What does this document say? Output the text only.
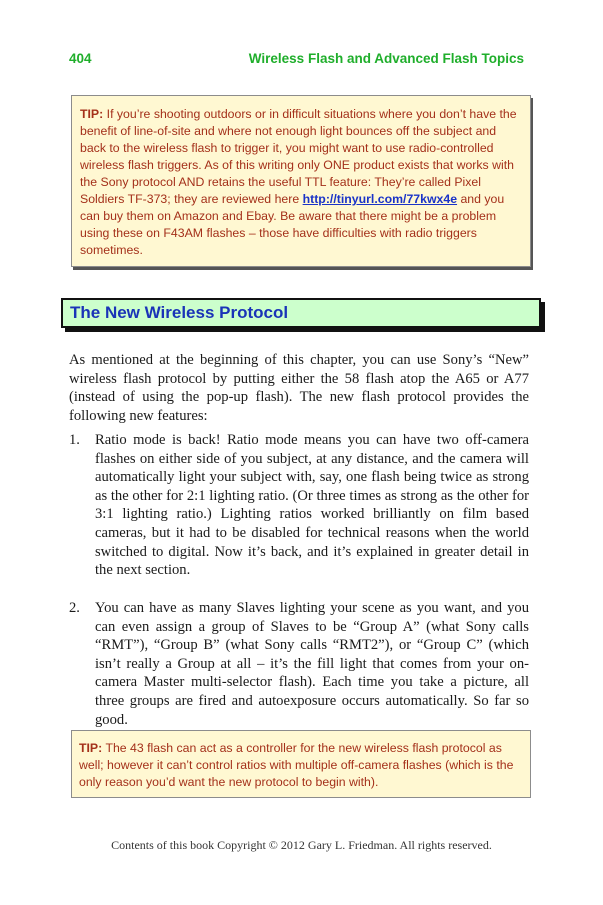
404	Wireless Flash and Advanced Flash Topics
TIP: If you’re shooting outdoors or in difficult situations where you don’t have the benefit of line-of-site and where not enough light bounces off the subject and back to the wireless flash to trigger it, you might want to use radio-controlled wireless flash triggers. As of this writing only ONE product exists that works with the Sony protocol AND retains the useful TTL feature: They’re called Pixel Soldiers TF-373; they are reviewed here http://tinyurl.com/77kwx4e and you can buy them on Amazon and Ebay. Be aware that there might be a problem using these on F43AM flashes – those have difficulties with radio triggers sometimes.
The New Wireless Protocol
As mentioned at the beginning of this chapter, you can use Sony’s “New” wireless flash protocol by putting either the 58 flash atop the A65 or A77 (instead of using the pop-up flash). The new flash protocol provides the following new features:
1. Ratio mode is back! Ratio mode means you can have two off-camera flashes on either side of you subject, at any distance, and the camera will automatically light your subject with, say, one flash being twice as strong as the other for 2:1 lighting ratio. (Or three times as strong as the other for 3:1 lighting ratio.) Lighting ratios worked brilliantly on film based cameras, but it had to be disabled for technical reasons when the world switched to digital. Now it’s back, and it’s explained in greater detail in the next section.
2. You can have as many Slaves lighting your scene as you want, and you can even assign a group of Slaves to be “Group A” (what Sony calls “RMT”), “Group B” (what Sony calls “RMT2”), or “Group C” (which isn’t really a Group at all – it’s the fill light that comes from your on-camera Master multi-selector flash). Each time you take a picture, all three groups are fired and autoexposure occurs automatically. So far so good.
TIP: The 43 flash can act as a controller for the new wireless flash protocol as well; however it can’t control ratios with multiple off-camera flashes (which is the only reason you’d want the new protocol to begin with).
Contents of this book Copyright © 2012 Gary L. Friedman. All rights reserved.
